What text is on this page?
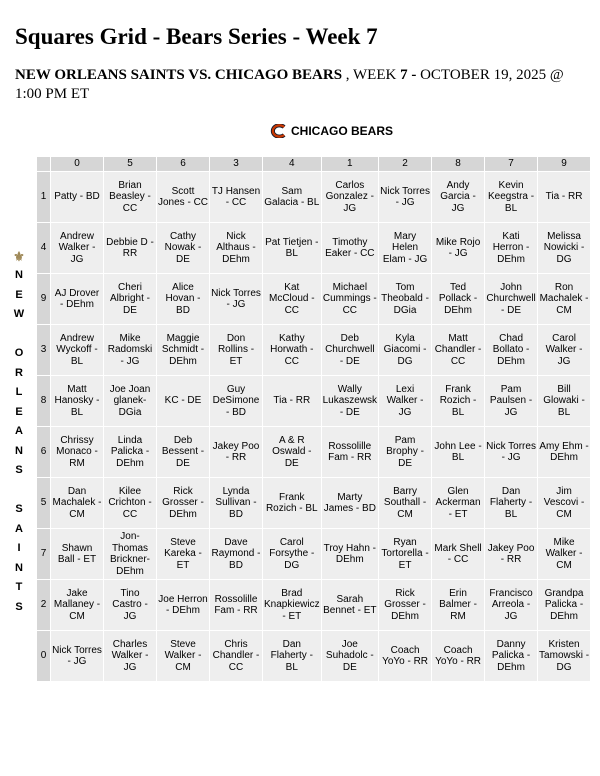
Squares Grid - Bears Series - Week 7
NEW ORLEANS SAINTS VS. CHICAGO BEARS , WEEK 7 - OCTOBER 19, 2025 @ 1:00 PM ET
CHICAGO BEARS
⚜
N
E
W
O
R
L
E
A
N
S
S
A
I
N
T
S
	0	5	6	3	4	1	2	8	7	9
1	Patty - BD	Brian Beasley - CC	Scott Jones - CC	TJ Hansen - CC	Sam Galacia - BL	Carlos Gonzalez - JG	Nick Torres - JG	Andy Garcia - JG	Kevin Keegstra - BL	Tia - RR
4	Andrew Walker - JG	Debbie D - RR	Cathy Nowak - DE	Nick Althaus - DEhm	Pat Tietjen - BL	Timothy Eaker - CC	Mary Helen Elam - JG	Mike Rojo - JG	Kati Herron - DEhm	Melissa Nowicki - DG
9	AJ Drover - DEhm	Cheri Albright - DE	Alice Hovan - BD	Nick Torres - JG	Kat McCloud - CC	Michael Cummings - CC	Tom Theobald - DGia	Ted Pollack - DEhm	John Churchwell - DE	Ron Machalek - CM
3	Andrew Wyckoff - BL	Mike Radomski - JG	Maggie Schmidt - DEhm	Don Rollins - ET	Kathy Horwath - CC	Deb Churchwell - DE	Kyla Giacomi - DG	Matt Chandler - CC	Chad Bollato - DEhm	Carol Walker - JG
8	Matt Hanosky - BL	Joe Joan glanek- DGia	KC - DE	Guy DeSimone - BD	Tia - RR	Wally Lukaszewsk - DE	Lexi Walker - JG	Frank Rozich - BL	Pam Paulsen - JG	Bill Glowaki - BL
6	Chrissy Monaco - RM	Linda Palicka - DEhm	Deb Bessent - DE	Jakey Poo - RR	A & R Oswald - DE	Rossolille Fam - RR	Pam Brophy - DE	John Lee - BL	Nick Torres - JG	Amy Ehm - DEhm
5	Dan Machalek - CM	Kilee Crichton - CC	Rick Grosser - DEhm	Lynda Sullivan - BD	Frank Rozich - BL	Marty James - BD	Barry Southall - CM	Glen Ackerman - ET	Dan Flaherty - BL	Jim Vescovi - CM
7	Shawn Ball - ET	Jon-Thomas Brickner- DEhm	Steve Kareka - ET	Dave Raymond - BD	Carol Forsythe - DG	Troy Hahn - DEhm	Ryan Tortorella - ET	Mark Shell - CC	Jakey Poo - RR	Mike Walker - CM
2	Jake Mallaney - CM	Tino Castro - JG	Joe Herron - DEhm	Rossolille Fam - RR	Brad Knapkiewicz - ET	Sarah Bennet - ET	Rick Grosser - DEhm	Erin Balmer - RM	Francisco Arreola - JG	Grandpa Palicka - DEhm
0	Nick Torres - JG	Charles Walker - JG	Steve Walker - CM	Chris Chandler - CC	Dan Flaherty - BL	Joe Suhadolc - DE	Coach YoYo - RR	Coach YoYo - RR	Danny Palicka - DEhm	Kristen Tamowski - DG
